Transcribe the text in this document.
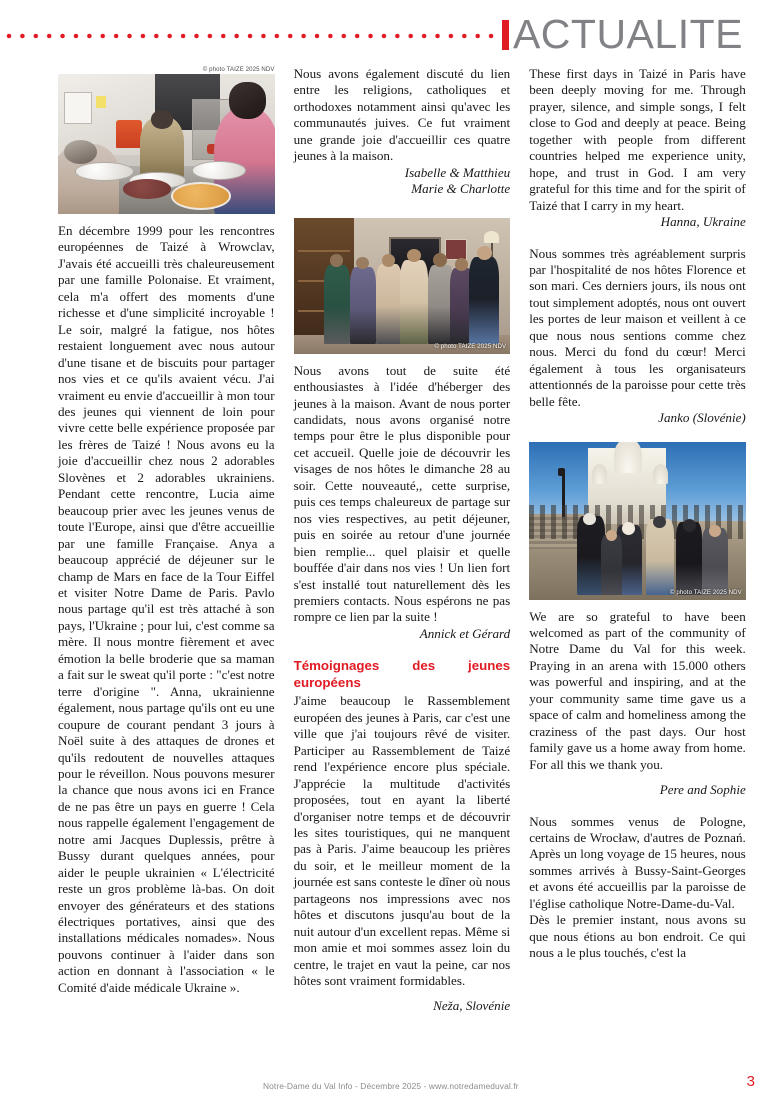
ACTUALITE
© photo TAIZE 2025 NDV

En décembre 1999 pour les rencontres européennes de Taizé à Wrowclav, J'avais été accueilli très chaleureusement par une famille Polonaise. Et vraiment, cela m'a offert des moments d'une richesse et d'une simplicité incroyable ! Le soir, malgré la fatigue, nos hôtes restaient longuement avec nous autour d'une tisane et de biscuits pour partager nos vies et ce qu'ils avaient vécu. J'ai vraiment eu envie d'accueillir à mon tour des jeunes qui viennent de loin pour vivre cette belle expérience proposée par les frères de Taizé ! Nous avons eu la joie d'accueillir chez nous 2 adorables Slovènes et 2 adorables ukrainiens. Pendant cette rencontre, Lucia aime beaucoup prier avec les jeunes venus de toute l'Europe, ainsi que d'être accueillie par une famille Française. Anya a beaucoup apprécié de déjeuner sur le champ de Mars en face de la Tour Eiffel et visiter Notre Dame de Paris. Pavlo nous partage qu'il est très attaché à son pays, l'Ukraine ; pour lui, c'est comme sa mère. Il nous montre fièrement et avec émotion la belle broderie que sa maman a fait sur le sweat qu'il porte : "c'est notre terre d'origine ". Anna, ukrainienne également, nous partage qu'ils ont eu une coupure de courant pendant 3 jours à Noël suite à des attaques de drones et qu'ils redoutent de nouvelles attaques pour le réveillon. Nous pouvons mesurer la chance que nous avons ici en France de ne pas être un pays en guerre ! Cela nous rappelle également l'engagement de notre ami Jacques Duplessis, prêtre à Bussy durant quelques années, pour aider le peuple ukrainien « L'électricité reste un gros problème là-bas. On doit envoyer des générateurs et des stations électriques portatives, ainsi que des installations médicales nomades». Nous pouvons continuer à l'aider dans son action en donnant à l'association « le Comité d'aide médicale Ukraine ».

Nous avons également discuté du lien entre les religions, catholiques et orthodoxes notamment ainsi qu'avec les communautés juives. Ce fut vraiment une grande joie d'accueillir ces quatre jeunes à la maison.

Isabelle & Matthieu

Marie & Charlotte

© photo TAIZE 2025 NDV

Nous avons tout de suite été enthousiastes à l'idée d'héberger des jeunes à la maison. Avant de nous porter candidats, nous avons organisé notre temps pour être le plus disponible pour cet accueil. Quelle joie de découvrir les visages de nos hôtes le dimanche 28 au soir. Cette nouveauté,, cette surprise, puis ces temps chaleureux de partage sur nos vies respectives, au petit déjeuner, puis en soirée au retour d'une journée bien remplie... quel plaisir et quelle bouffée d'air dans nos vies ! Un lien fort s'est installé tout naturellement dès les premiers contacts. Nous espérons ne pas rompre ce lien par la suite !

Annick et Gérard

Témoignages des jeunes européens

J'aime beaucoup le Rassemblement européen des jeunes à Paris, car c'est une ville que j'ai toujours rêvé de visiter. Participer au Rassemblement de Taizé rend l'expérience encore plus spéciale. J'apprécie la multitude d'activités proposées, tout en ayant la liberté d'organiser notre temps et de découvrir les sites touristiques, qui ne manquent pas à Paris. J'aime beaucoup les prières du soir, et le meilleur moment de la journée est sans conteste le dîner où nous partageons nos impressions avec nos hôtes et discutons jusqu'au bout de la nuit autour d'un excellent repas. Même si mon amie et moi sommes assez loin du centre, le trajet en vaut la peine, car nos hôtes sont vraiment formidables.

Neža, Slovénie

These first days in Taizé in Paris have been deeply moving for me. Through prayer, silence, and simple songs, I felt close to God and deeply at peace. Being together with people from different countries helped me experience unity, hope, and trust in God. I am very grateful for this time and for the spirit of Taizé that I carry in my heart.

Hanna, Ukraine

Nous sommes très agréablement surpris par l'hospitalité de nos hôtes Florence et son mari. Ces derniers jours, ils nous ont tout simplement adoptés, nous ont ouvert les portes de leur maison et veillent à ce que nous nous sentions comme chez nous. Merci du fond du cœur! Merci également à tous les organisateurs attentionnés de la paroisse pour cette très belle fête.

Janko (Slovénie)

© photo TAIZE 2025 NDV

We are so grateful to have been welcomed as part of the community of Notre Dame du Val for this week. Praying in an arena with 15.000 others was powerful and inspiring, and at the your community same time gave us a space of calm and homeliness among the craziness of the past days. Our host family gave us a home away from home. For all this we thank you.

Pere and Sophie

Nous sommes venus de Pologne, certains de Wrocław, d'autres de Poznań. Après un long voyage de 15 heures, nous sommes arrivés à Bussy-Saint-Georges et avons été accueillis par la paroisse de l'église catholique Notre-Dame-du-Val.

Dès le premier instant, nous avons su que nous étions au bon endroit. Ce qui nous a le plus touchés, c'est la

Notre-Dame du Val Info - Décembre 2025 - www.notredameduval.fr	3
